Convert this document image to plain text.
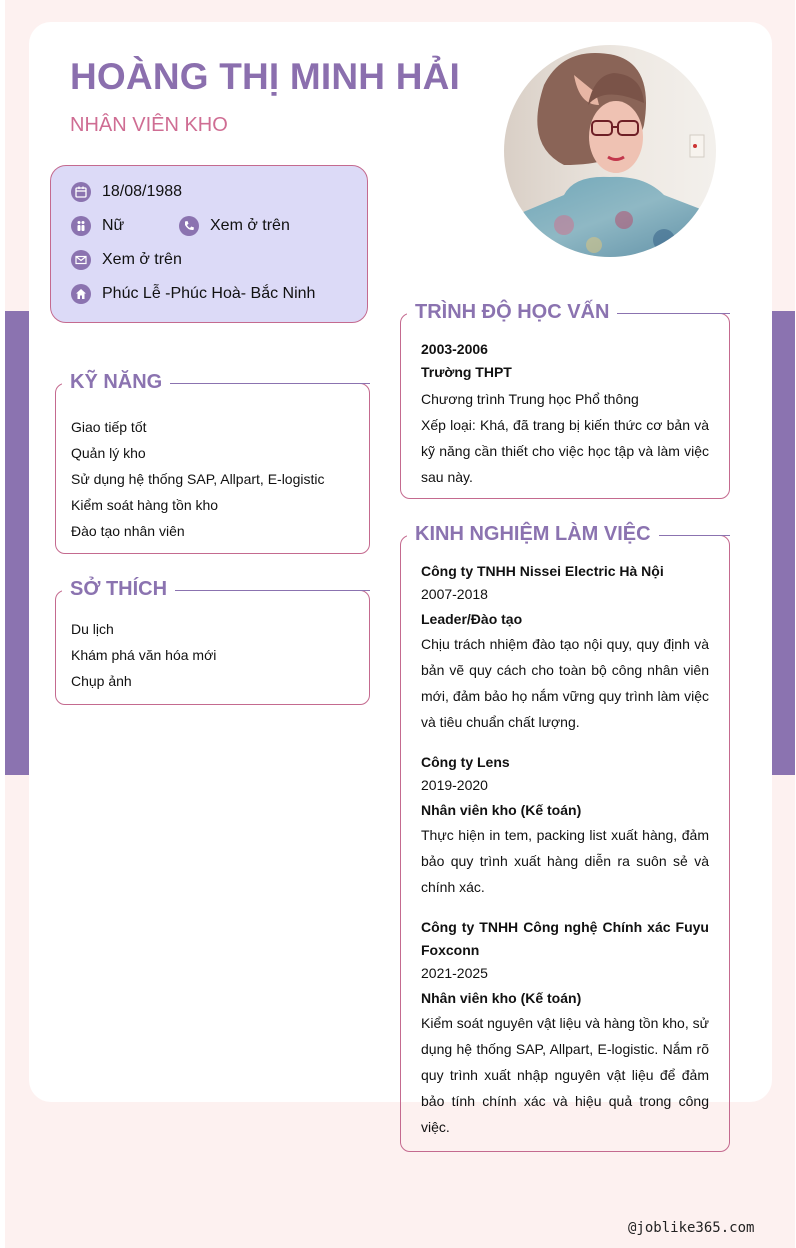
HOÀNG THỊ MINH HẢI
NHÂN VIÊN KHO
18/08/1988
Nữ	Xem ở trên
Xem ở trên
Phúc Lễ -Phúc Hoà- Bắc Ninh
KỸ NĂNG
Giao tiếp tốt
Quản lý kho
Sử dụng hệ thống SAP, Allpart, E-logistic
Kiểm soát hàng tồn kho
Đào tạo nhân viên
SỞ THÍCH
Du lịch
Khám phá văn hóa mới
Chụp ảnh
TRÌNH ĐỘ HỌC VẤN
2003-2006
Trường THPT
Chương trình Trung học Phổ thông
Xếp loại: Khá, đã trang bị kiến thức cơ bản và kỹ năng cần thiết cho việc học tập và làm việc sau này.
KINH NGHIỆM LÀM VIỆC
Công ty TNHH Nissei Electric Hà Nội
2007-2018
Leader/Đào tạo
Chịu trách nhiệm đào tạo nội quy, quy định và bản vẽ quy cách cho toàn bộ công nhân viên mới, đảm bảo họ nắm vững quy trình làm việc và tiêu chuẩn chất lượng.
Công ty Lens
2019-2020
Nhân viên kho (Kế toán)
Thực hiện in tem, packing list xuất hàng, đảm bảo quy trình xuất hàng diễn ra suôn sẻ và chính xác.
Công ty TNHH Công nghệ Chính xác Fuyu Foxconn
2021-2025
Nhân viên kho (Kế toán)
Kiểm soát nguyên vật liệu và hàng tồn kho, sử dụng hệ thống SAP, Allpart, E-logistic. Nắm rõ quy trình xuất nhập nguyên vật liệu để đảm bảo tính chính xác và hiệu quả trong công việc.
@joblike365.com
